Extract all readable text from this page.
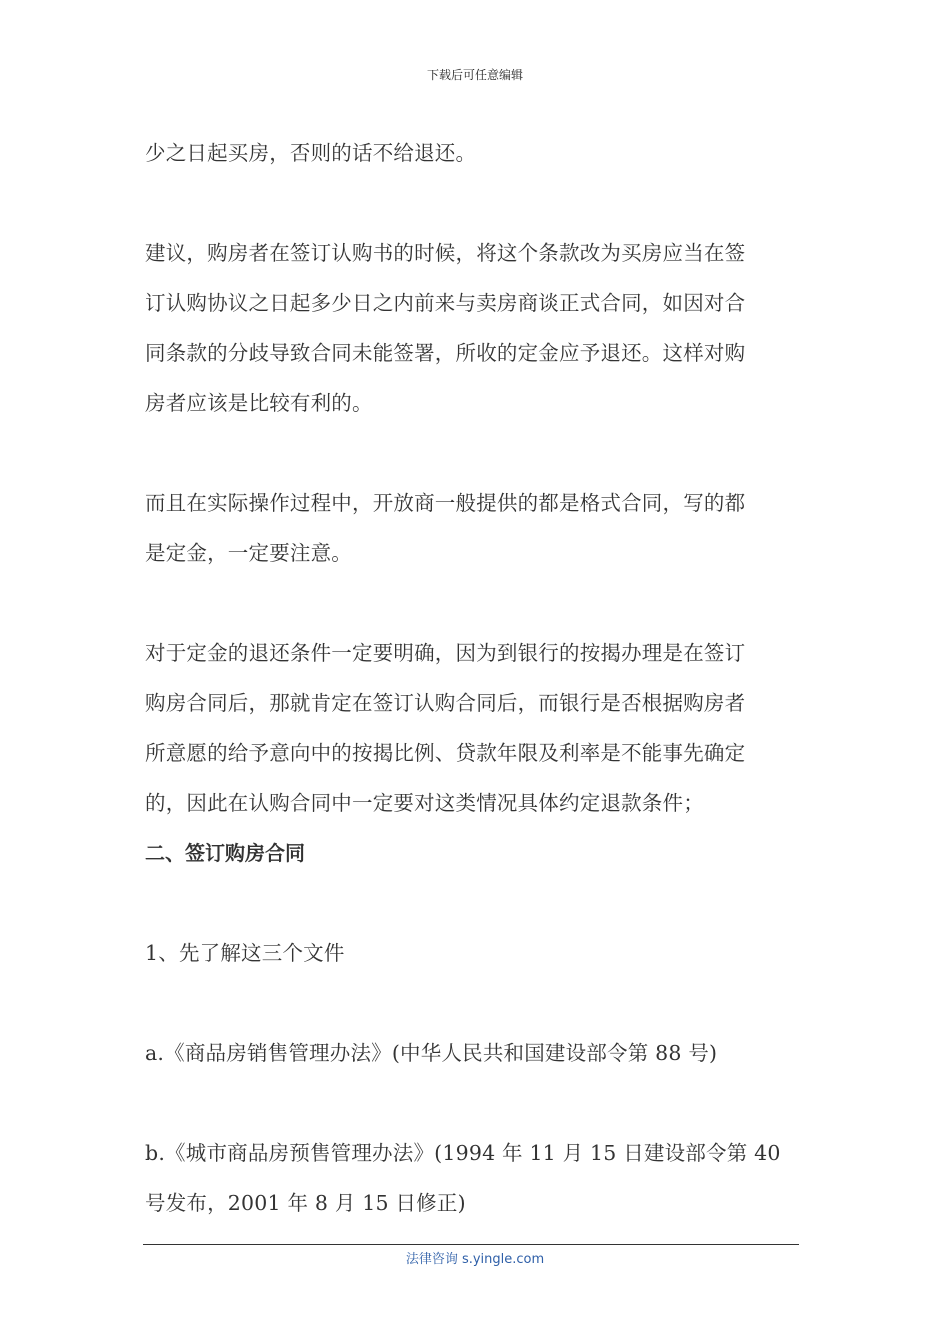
下载后可任意编辑

少之日起买房，否则的话不给退还。

建议，购房者在签订认购书的时候，将这个条款改为买房应当在签
订认购协议之日起多少日之内前来与卖房商谈正式合同，如因对合
同条款的分歧导致合同未能签署，所收的定金应予退还。这样对购
房者应该是比较有利的。

而且在实际操作过程中，开放商一般提供的都是格式合同，写的都
是定金，一定要注意。

对于定金的退还条件一定要明确，因为到银行的按揭办理是在签订
购房合同后，那就肯定在签订认购合同后，而银行是否根据购房者
所意愿的给予意向中的按揭比例、贷款年限及利率是不能事先确定
的，因此在认购合同中一定要对这类情况具体约定退款条件；

二、签订购房合同

1、先了解这三个文件

a.《商品房销售管理办法》(中华人民共和国建设部令第 88 号)

b.《城市商品房预售管理办法》(1994 年 11 月 15 日建设部令第 40
号发布，2001 年 8 月 15 日修正)

法律咨询 s.yingle.com
